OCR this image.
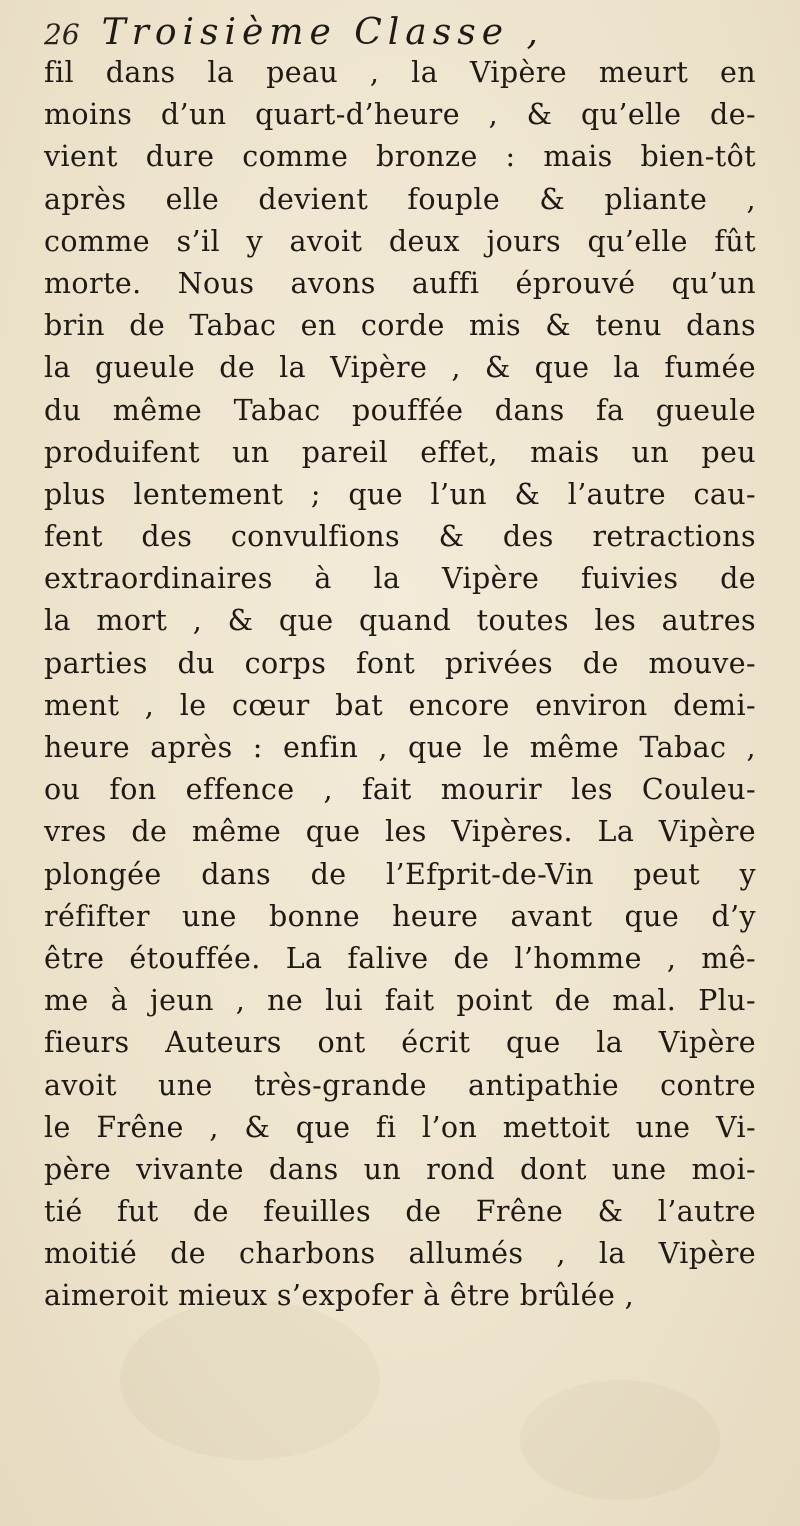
26 Troisième Classe ,
fil dans la peau , la Vipère meurt en
moins d’un quart-d’heure , & qu’elle de-
vient dure comme bronze : mais bien-tôt
après elle devient fouple & pliante ,
comme s’il y avoit deux jours qu’elle fût
morte. Nous avons auffi éprouvé qu’un
brin de Tabac en corde mis & tenu dans
la gueule de la Vipère , & que la fumée
du même Tabac pouffée dans fa gueule
produifent un pareil effet, mais un peu
plus lentement ; que l’un & l’autre cau-
fent des convulfions & des retractions
extraordinaires à la Vipère fuivies de
la mort , & que quand toutes les autres
parties du corps font privées de mouve-
ment , le cœur bat encore environ demi-
heure après : enfin , que le même Tabac ,
ou fon effence , fait mourir les Couleu-
vres de même que les Vipères. La Vipère
plongée dans de l’Efprit-de-Vin peut y
réfifter une bonne heure avant que d’y
être étouffée. La falive de l’homme , mê-
me à jeun , ne lui fait point de mal. Plu-
fieurs Auteurs ont écrit que la Vipère
avoit une très-grande antipathie contre
le Frêne , & que fi l’on mettoit une Vi-
père vivante dans un rond dont une moi-
tié fut de feuilles de Frêne & l’autre
moitié de charbons allumés , la Vipère
aimeroit mieux s’expofer à être brûlée ,
